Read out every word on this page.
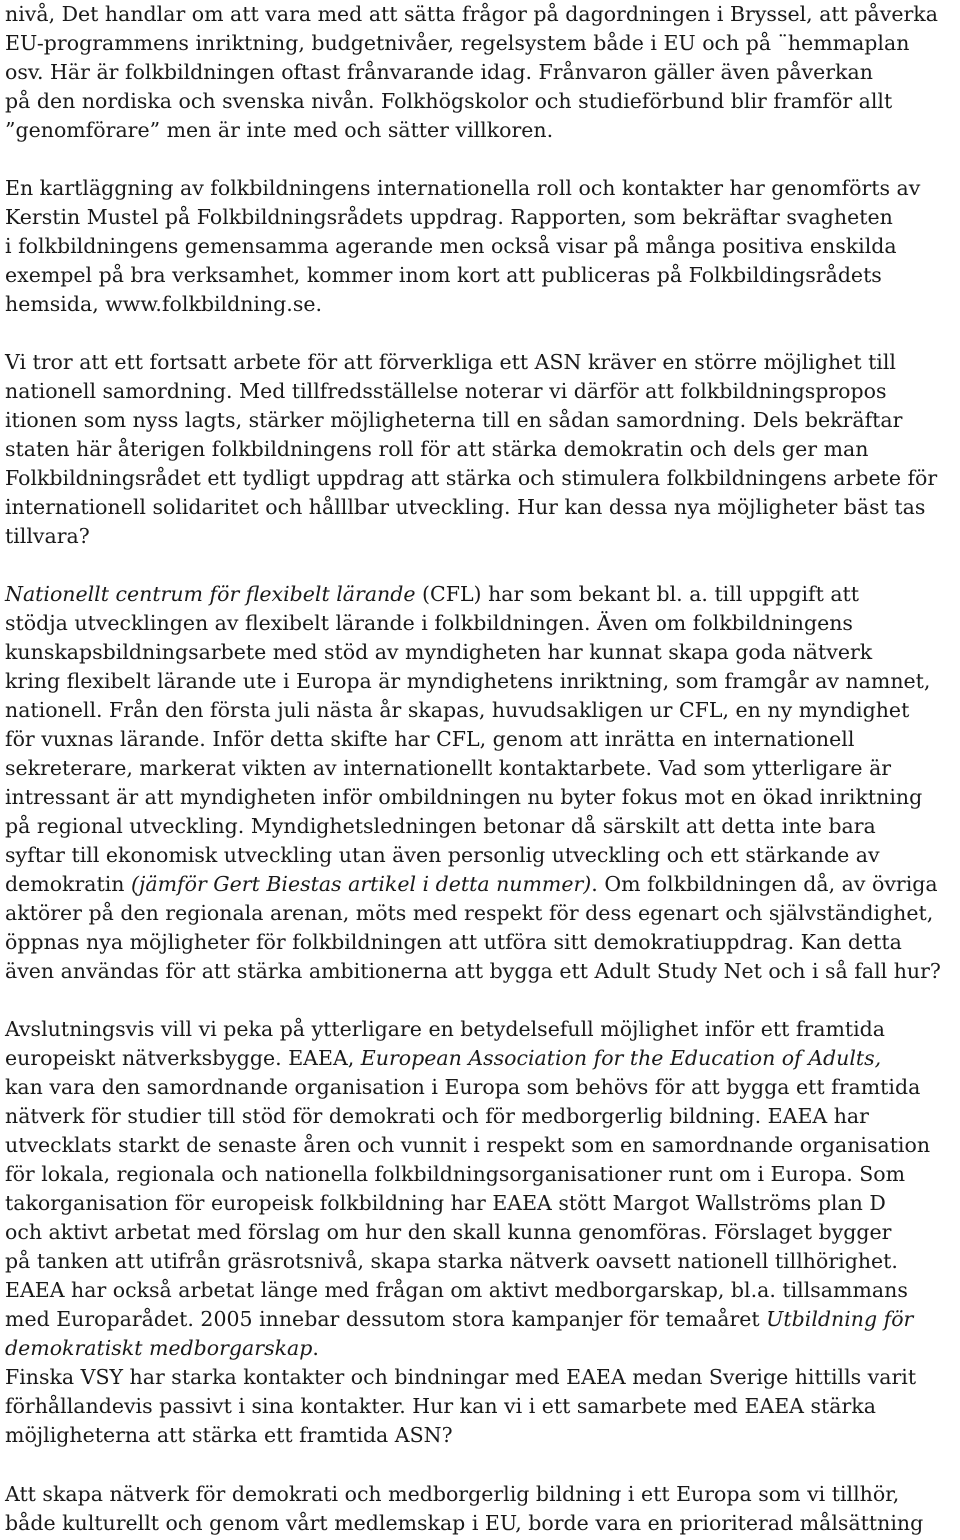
nivå, Det handlar om att vara med att sätta frågor på dagordningen i Bryssel, att påverka
EU-programmens inriktning, budgetnivåer, regelsystem både i EU och på ¨hemmaplan
osv. Här är folkbildningen oftast frånvarande idag. Frånvaron gäller även påverkan
på den nordiska och svenska nivån. Folkhögskolor och studieförbund blir framför allt
”genomförare” men är inte med och sätter villkoren.
En kartläggning av folkbildningens internationella roll och kontakter har genomförts av
Kerstin Mustel på Folkbildningsrådets uppdrag. Rapporten, som bekräftar svagheten
i folkbildningens gemensamma agerande men också visar på många positiva enskilda
exempel på bra verksamhet, kommer inom kort att publiceras på Folkbildingsrådets
hemsida, www.folkbildning.se.
Vi tror att ett fortsatt arbete för att förverkliga ett ASN kräver en större möjlighet till
nationell samordning. Med tillfredsställelse noterar vi därför att folkbildningspropos
itionen som nyss lagts, stärker möjligheterna till en sådan samordning. Dels bekräftar
staten här återigen folkbildningens roll för att stärka demokratin och dels ger man
Folkbildningsrådet ett tydligt uppdrag att stärka och stimulera folkbildningens arbete för
internationell solidaritet och hålllbar utveckling. Hur kan dessa nya möjligheter bäst tas
tillvara?
Nationellt centrum för flexibelt lärande (CFL) har som bekant bl. a. till uppgift att
stödja utvecklingen av flexibelt lärande i folkbildningen. Även om folkbildningens
kunskapsbildningsarbete med stöd av myndigheten har kunnat skapa goda nätverk
kring flexibelt lärande ute i Europa är myndighetens inriktning, som framgår av namnet,
nationell. Från den första juli nästa år skapas, huvudsakligen ur CFL, en ny myndighet
för vuxnas lärande. Inför detta skifte har CFL, genom att inrätta en internationell
sekreterare, markerat vikten av internationellt kontaktarbete. Vad som ytterligare är
intressant är att myndigheten inför ombildningen nu byter fokus mot en ökad inriktning
på regional utveckling. Myndighetsledningen betonar då särskilt att detta inte bara
syftar till ekonomisk utveckling utan även personlig utveckling och ett stärkande av
demokratin (jämför Gert Biestas artikel i detta nummer). Om folkbildningen då, av övriga
aktörer på den regionala arenan, möts med respekt för dess egenart och självständighet,
öppnas nya möjligheter för folkbildningen att utföra sitt demokratiuppdrag. Kan detta
även användas för att stärka ambitionerna att bygga ett Adult Study Net och i så fall hur?
Avslutningsvis vill vi peka på ytterligare en betydelsefull möjlighet inför ett framtida
europeiskt nätverksbygge. EAEA, European Association for the Education of Adults,
kan vara den samordnande organisation i Europa som behövs för att bygga ett framtida
nätverk för studier till stöd för demokrati och för medborgerlig bildning. EAEA har
utvecklats starkt de senaste åren och vunnit i respekt som en samordnande organisation
för lokala, regionala och nationella folkbildningsorganisationer runt om i Europa. Som
takorganisation för europeisk folkbildning har EAEA stött Margot Wallströms plan D
och aktivt arbetat med förslag om hur den skall kunna genomföras. Förslaget bygger
på tanken att utifrån gräsrotsnivå, skapa starka nätverk oavsett nationell tillhörighet.
EAEA har också arbetat länge med frågan om aktivt medborgarskap, bl.a. tillsammans
med Europarådet. 2005 innebar dessutom stora kampanjer för temaåret Utbildning för
demokratiskt medborgarskap.
Finska VSY har starka kontakter och bindningar med EAEA medan Sverige hittills varit
förhållandevis passivt i sina kontakter. Hur kan vi i ett samarbete med EAEA stärka
möjligheterna att stärka ett framtida ASN?
Att skapa nätverk för demokrati och medborgerlig bildning i ett Europa som vi tillhör,
både kulturellt och genom vårt medlemskap i EU, borde vara en prioriterad målsättning
